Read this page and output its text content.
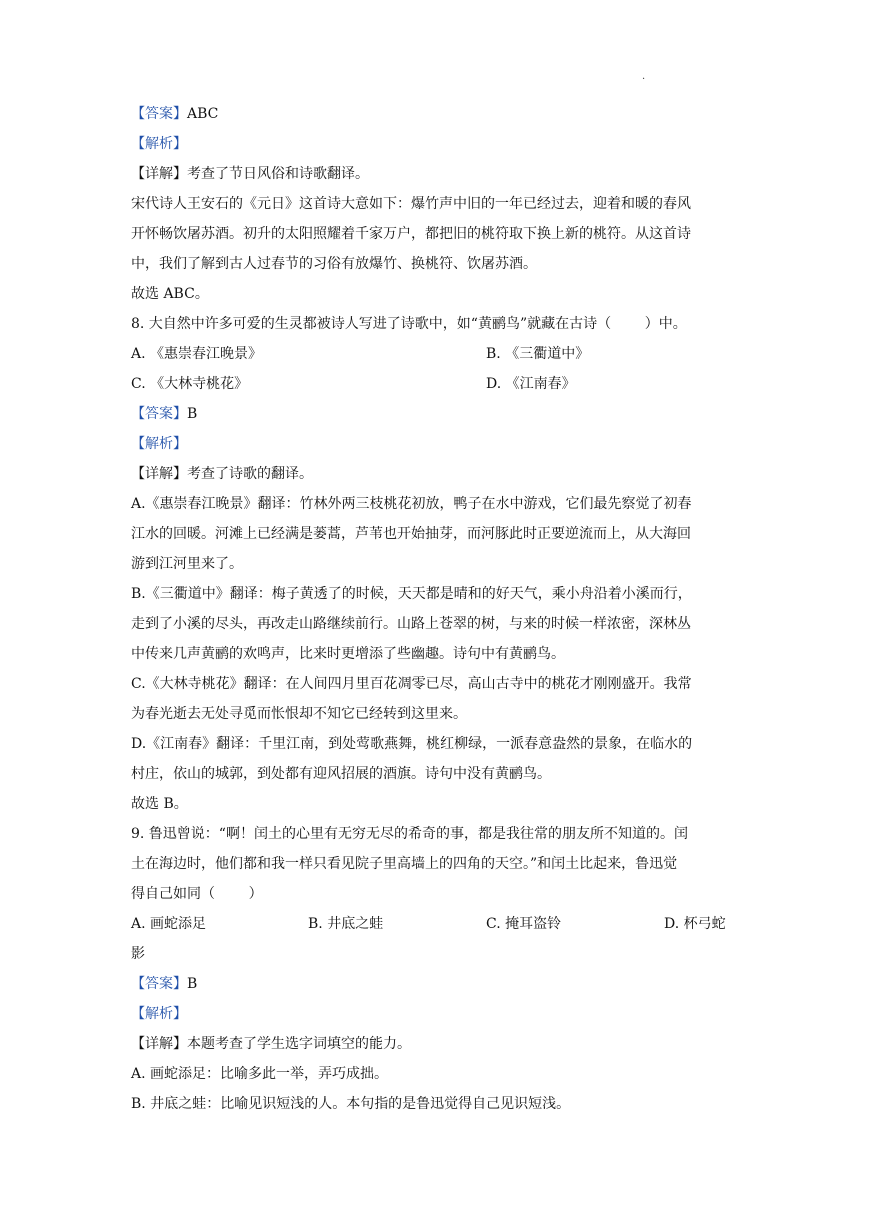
·
【答案】ABC
【解析】
【详解】考查了节日风俗和诗歌翻译。
宋代诗人王安石的《元日》这首诗大意如下：爆竹声中旧的一年已经过去，迎着和暖的春风
开怀畅饮屠苏酒。初升的太阳照耀着千家万户，都把旧的桃符取下换上新的桃符。从这首诗
中，我们了解到古人过春节的习俗有放爆竹、换桃符、饮屠苏酒。
故选 ABC。
8. 大自然中许多可爱的生灵都被诗人写进了诗歌中，如“黄鹂鸟”就藏在古诗（ ）中。
A. 《惠崇春江晚景》	B. 《三衢道中》
C. 《大林寺桃花》	D. 《江南春》
【答案】B
【解析】
【详解】考查了诗歌的翻译。
A.《惠崇春江晚景》翻译：竹林外两三枝桃花初放，鸭子在水中游戏，它们最先察觉了初春
江水的回暖。河滩上已经满是蒌蒿，芦苇也开始抽芽，而河豚此时正要逆流而上，从大海回
游到江河里来了。
B.《三衢道中》翻译：梅子黄透了的时候，天天都是晴和的好天气，乘小舟沿着小溪而行，
走到了小溪的尽头，再改走山路继续前行。山路上苍翠的树，与来的时候一样浓密，深林丛
中传来几声黄鹂的欢鸣声，比来时更增添了些幽趣。诗句中有黄鹂鸟。
C.《大林寺桃花》翻译：在人间四月里百花凋零已尽，高山古寺中的桃花才刚刚盛开。我常
为春光逝去无处寻觅而怅恨却不知它已经转到这里来。
D.《江南春》翻译：千里江南，到处莺歌燕舞，桃红柳绿，一派春意盎然的景象，在临水的
村庄，依山的城郭，到处都有迎风招展的酒旗。诗句中没有黄鹂鸟。
故选 B。
9. 鲁迅曾说：“啊！闰土的心里有无穷无尽的希奇的事，都是我往常的朋友所不知道的。闰
土在海边时，他们都和我一样只看见院子里高墙上的四角的天空。”和闰土比起来，鲁迅觉
得自己如同（ ）
A. 画蛇添足	B. 井底之蛙	C. 掩耳盗铃	D. 杯弓蛇
影
【答案】B
【解析】
【详解】本题考查了学生选字词填空的能力。
A. 画蛇添足：比喻多此一举，弄巧成拙。
B. 井底之蛙：比喻见识短浅的人。本句指的是鲁迅觉得自己见识短浅。
